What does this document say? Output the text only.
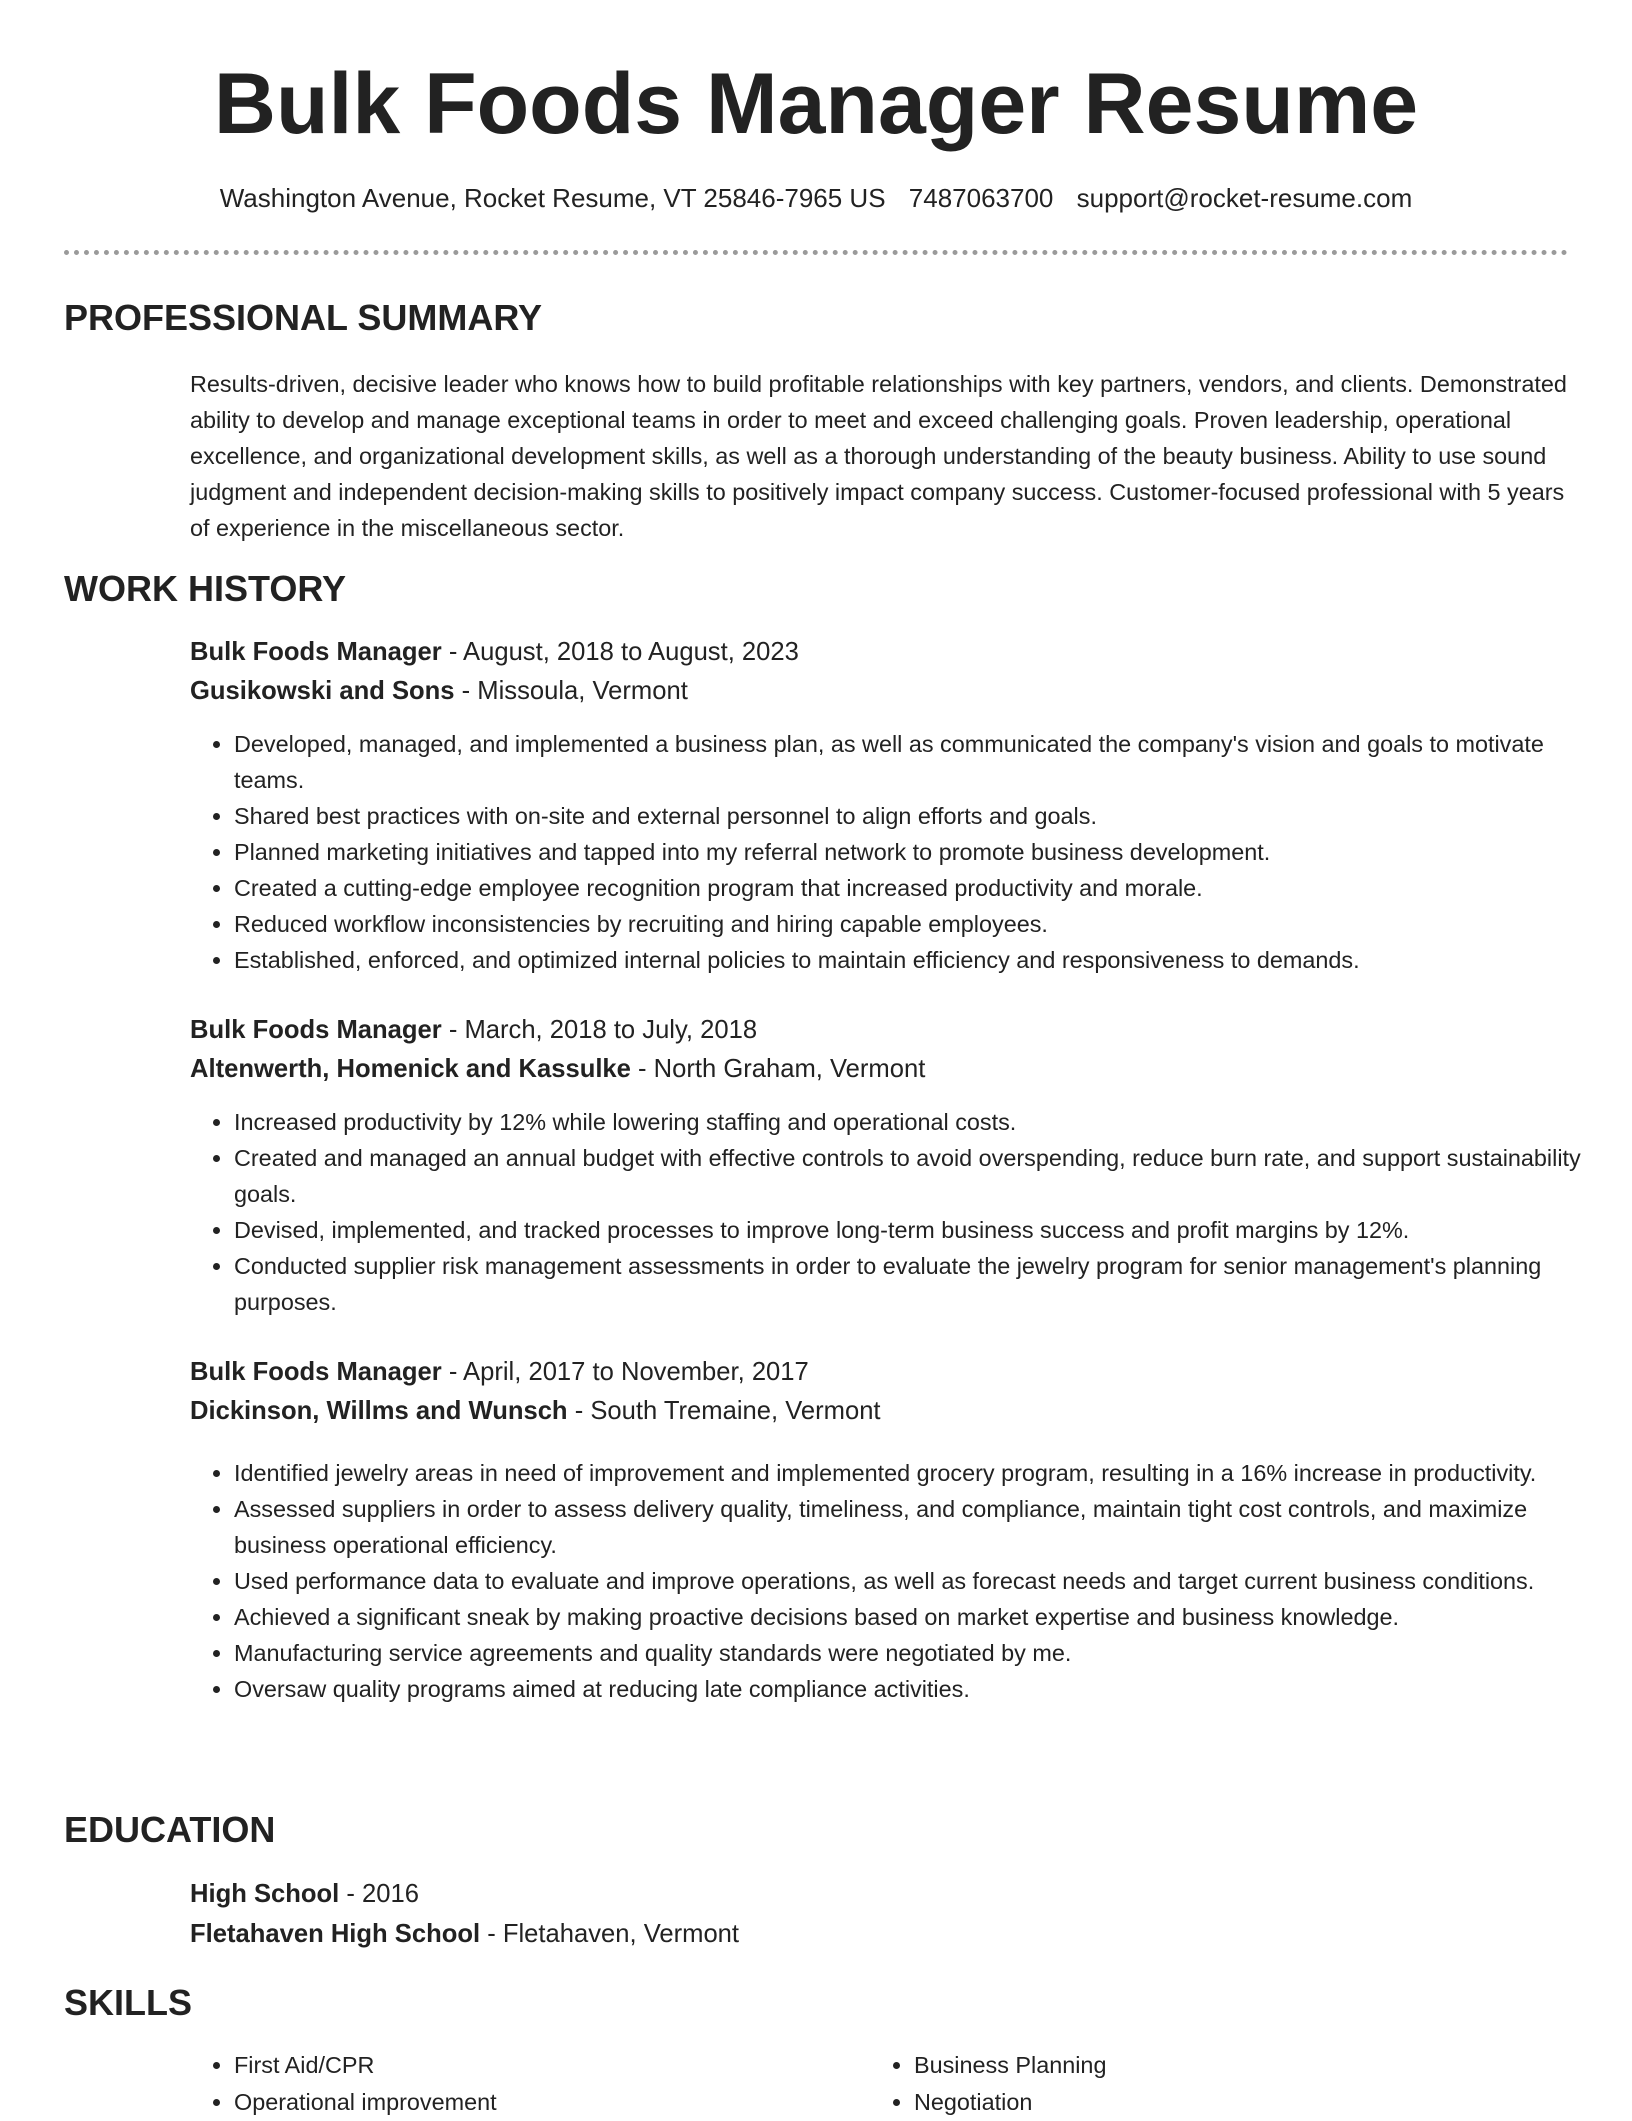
Bulk Foods Manager Resume
Washington Avenue, Rocket Resume, VT 25846-7965 US 7487063700 support@rocket-resume.com
PROFESSIONAL SUMMARY

Results-driven, decisive leader who knows how to build profitable relationships with key partners, vendors, and clients. Demonstrated ability to develop and manage exceptional teams in order to meet and exceed challenging goals. Proven leadership, operational excellence, and organizational development skills, as well as a thorough understanding of the beauty business. Ability to use sound judgment and independent decision-making skills to positively impact company success. Customer-focused professional with 5 years of experience in the miscellaneous sector.

WORK HISTORY
Bulk Foods Manager - August, 2018 to August, 2023
Gusikowski and Sons - Missoula, Vermont
• Developed, managed, and implemented a business plan, as well as communicated the company's vision and goals to motivate teams.
• Shared best practices with on-site and external personnel to align efforts and goals.
• Planned marketing initiatives and tapped into my referral network to promote business development.
• Created a cutting-edge employee recognition program that increased productivity and morale.
• Reduced workflow inconsistencies by recruiting and hiring capable employees.
• Established, enforced, and optimized internal policies to maintain efficiency and responsiveness to demands.
Bulk Foods Manager - March, 2018 to July, 2018
Altenwerth, Homenick and Kassulke - North Graham, Vermont
• Increased productivity by 12% while lowering staffing and operational costs.
• Created and managed an annual budget with effective controls to avoid overspending, reduce burn rate, and support sustainability goals.
• Devised, implemented, and tracked processes to improve long-term business success and profit margins by 12%.
• Conducted supplier risk management assessments in order to evaluate the jewelry program for senior management's planning purposes.
Bulk Foods Manager - April, 2017 to November, 2017
Dickinson, Willms and Wunsch - South Tremaine, Vermont
• Identified jewelry areas in need of improvement and implemented grocery program, resulting in a 16% increase in productivity.
• Assessed suppliers in order to assess delivery quality, timeliness, and compliance, maintain tight cost controls, and maximize business operational efficiency.
• Used performance data to evaluate and improve operations, as well as forecast needs and target current business conditions.
• Achieved a significant sneak by making proactive decisions based on market expertise and business knowledge.
• Manufacturing service agreements and quality standards were negotiated by me.
• Oversaw quality programs aimed at reducing late compliance activities.
EDUCATION
High School - 2016
Fletahaven High School - Fletahaven, Vermont
SKILLS
• First Aid/CPR
• Operational improvement
• Business Planning
• Negotiation
